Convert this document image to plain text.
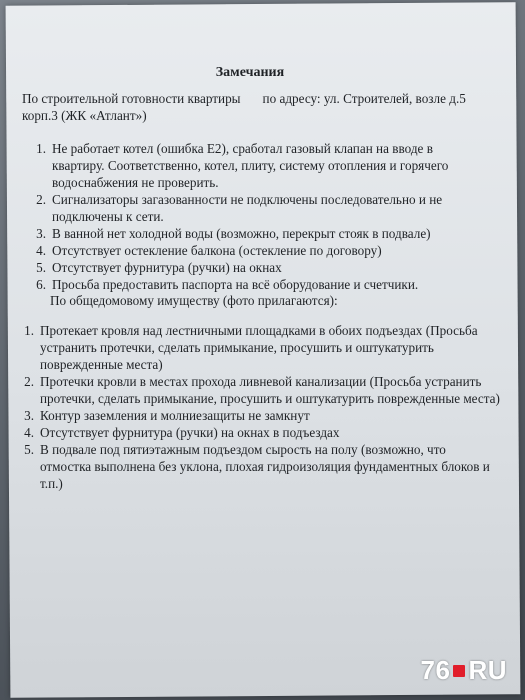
Замечания
По строительной готовности квартиры по адресу: ул. Строителей, возле д.5 корп.3 (ЖК «Атлант»)
1. Не работает котел (ошибка Е2), сработал газовый клапан на вводе в квартиру. Соответственно, котел, плиту, систему отопления и горячего водоснабжения не проверить.
2. Сигнализаторы загазованности не подключены последовательно и не подключены к сети.
3. В ванной нет холодной воды (возможно, перекрыт стояк в подвале)
4. Отсутствует остекление балкона (остекление по договору)
5. Отсутствует фурнитура (ручки) на окнах
6. Просьба предоставить паспорта на всё оборудование и счетчики.
По общедомовому имуществу (фото прилагаются):
1. Протекает кровля над лестничными площадками в обоих подъездах (Просьба устранить протечки, сделать примыкание, просушить и оштукатурить поврежденные места)
2. Протечки кровли в местах прохода ливневой канализации (Просьба устранить протечки, сделать примыкание, просушить и оштукатурить поврежденные места)
3. Контур заземления и молниезащиты не замкнут
4. Отсутствует фурнитура (ручки) на окнах в подъездах
5. В подвале под пятиэтажным подъездом сырость на полу (возможно, что отмостка выполнена без уклона, плохая гидроизоляция фундаментных блоков и т.п.)
76 RU
